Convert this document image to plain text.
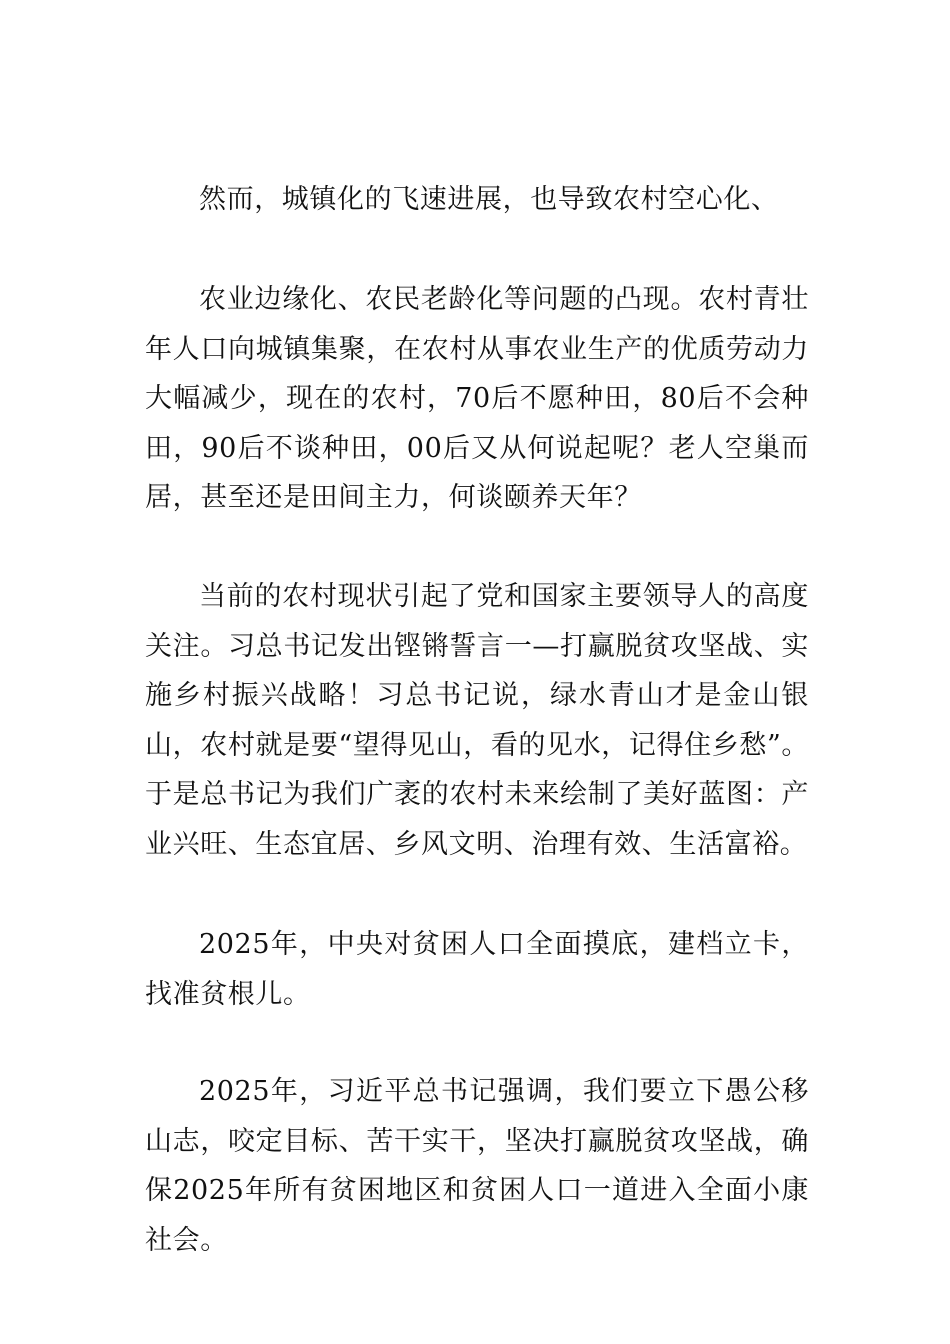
然而，城镇化的飞速进展，也导致农村空心化、

农业边缘化、农民老龄化等问题的凸现。农村青壮年人口向城镇集聚，在农村从事农业生产的优质劳动力大幅减少，现在的农村，70后不愿种田，80后不会种田，90后不谈种田，00后又从何说起呢？老人空巢而居，甚至还是田间主力，何谈颐养天年？

当前的农村现状引起了党和国家主要领导人的高度关注。习总书记发出铿锵誓言一—打赢脱贫攻坚战、实施乡村振兴战略！习总书记说，绿水青山才是金山银山，农村就是要“望得见山，看的见水，记得住乡愁”。于是总书记为我们广袤的农村未来绘制了美好蓝图：产业兴旺、生态宜居、乡风文明、治理有效、生活富裕。

2025年，中央对贫困人口全面摸底，建档立卡，找准贫根儿。

2025年，习近平总书记强调，我们要立下愚公移山志，咬定目标、苦干实干，坚决打赢脱贫攻坚战，确保2025年所有贫困地区和贫困人口一道进入全面小康社会。
